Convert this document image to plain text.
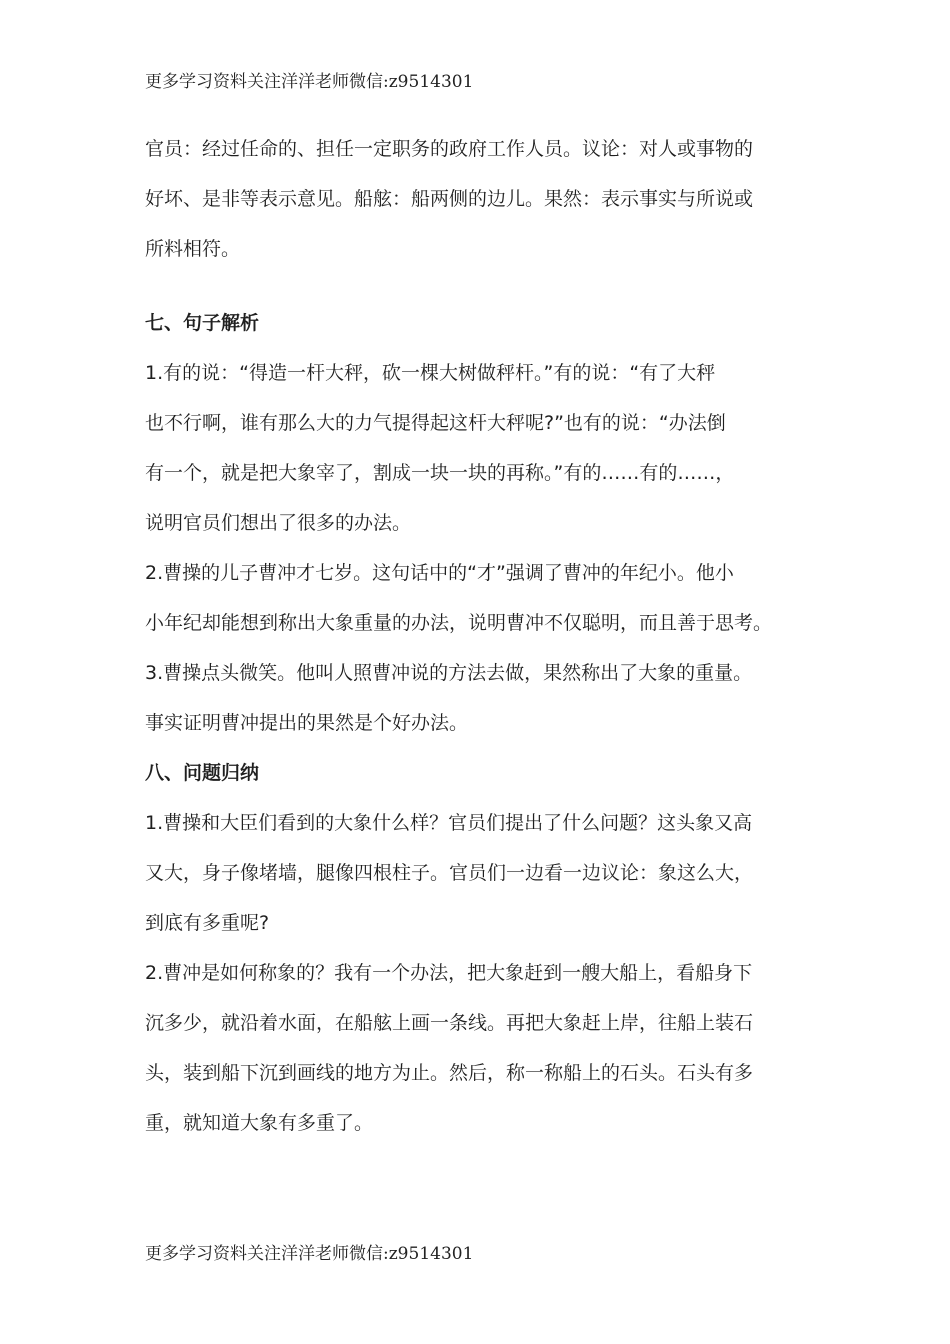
更多学习资料关注洋洋老师微信:z9514301
官员：经过任命的、担任一定职务的政府工作人员。议论：对人或事物的
好坏、是非等表示意见。船舷：船两侧的边儿。果然：表示事实与所说或
所料相符。
七、句子解析
1.有的说：“得造一杆大秤，砍一棵大树做秤杆。”有的说：“有了大秤
也不行啊，谁有那么大的力气提得起这杆大秤呢?”也有的说：“办法倒
有一个，就是把大象宰了，割成一块一块的再称。”有的……有的……，
说明官员们想出了很多的办法。
2.曹操的儿子曹冲才七岁。这句话中的“才”强调了曹冲的年纪小。他小
小年纪却能想到称出大象重量的办法，说明曹冲不仅聪明，而且善于思考。
3.曹操点头微笑。他叫人照曹冲说的方法去做，果然称出了大象的重量。
事实证明曹冲提出的果然是个好办法。
八、问题归纳
1.曹操和大臣们看到的大象什么样？官员们提出了什么问题？这头象又高
又大，身子像堵墙，腿像四根柱子。官员们一边看一边议论：象这么大，
到底有多重呢?
2.曹冲是如何称象的？我有一个办法，把大象赶到一艘大船上，看船身下
沉多少，就沿着水面，在船舷上画一条线。再把大象赶上岸，往船上装石
头，装到船下沉到画线的地方为止。然后，称一称船上的石头。石头有多
重，就知道大象有多重了。
更多学习资料关注洋洋老师微信:z9514301
